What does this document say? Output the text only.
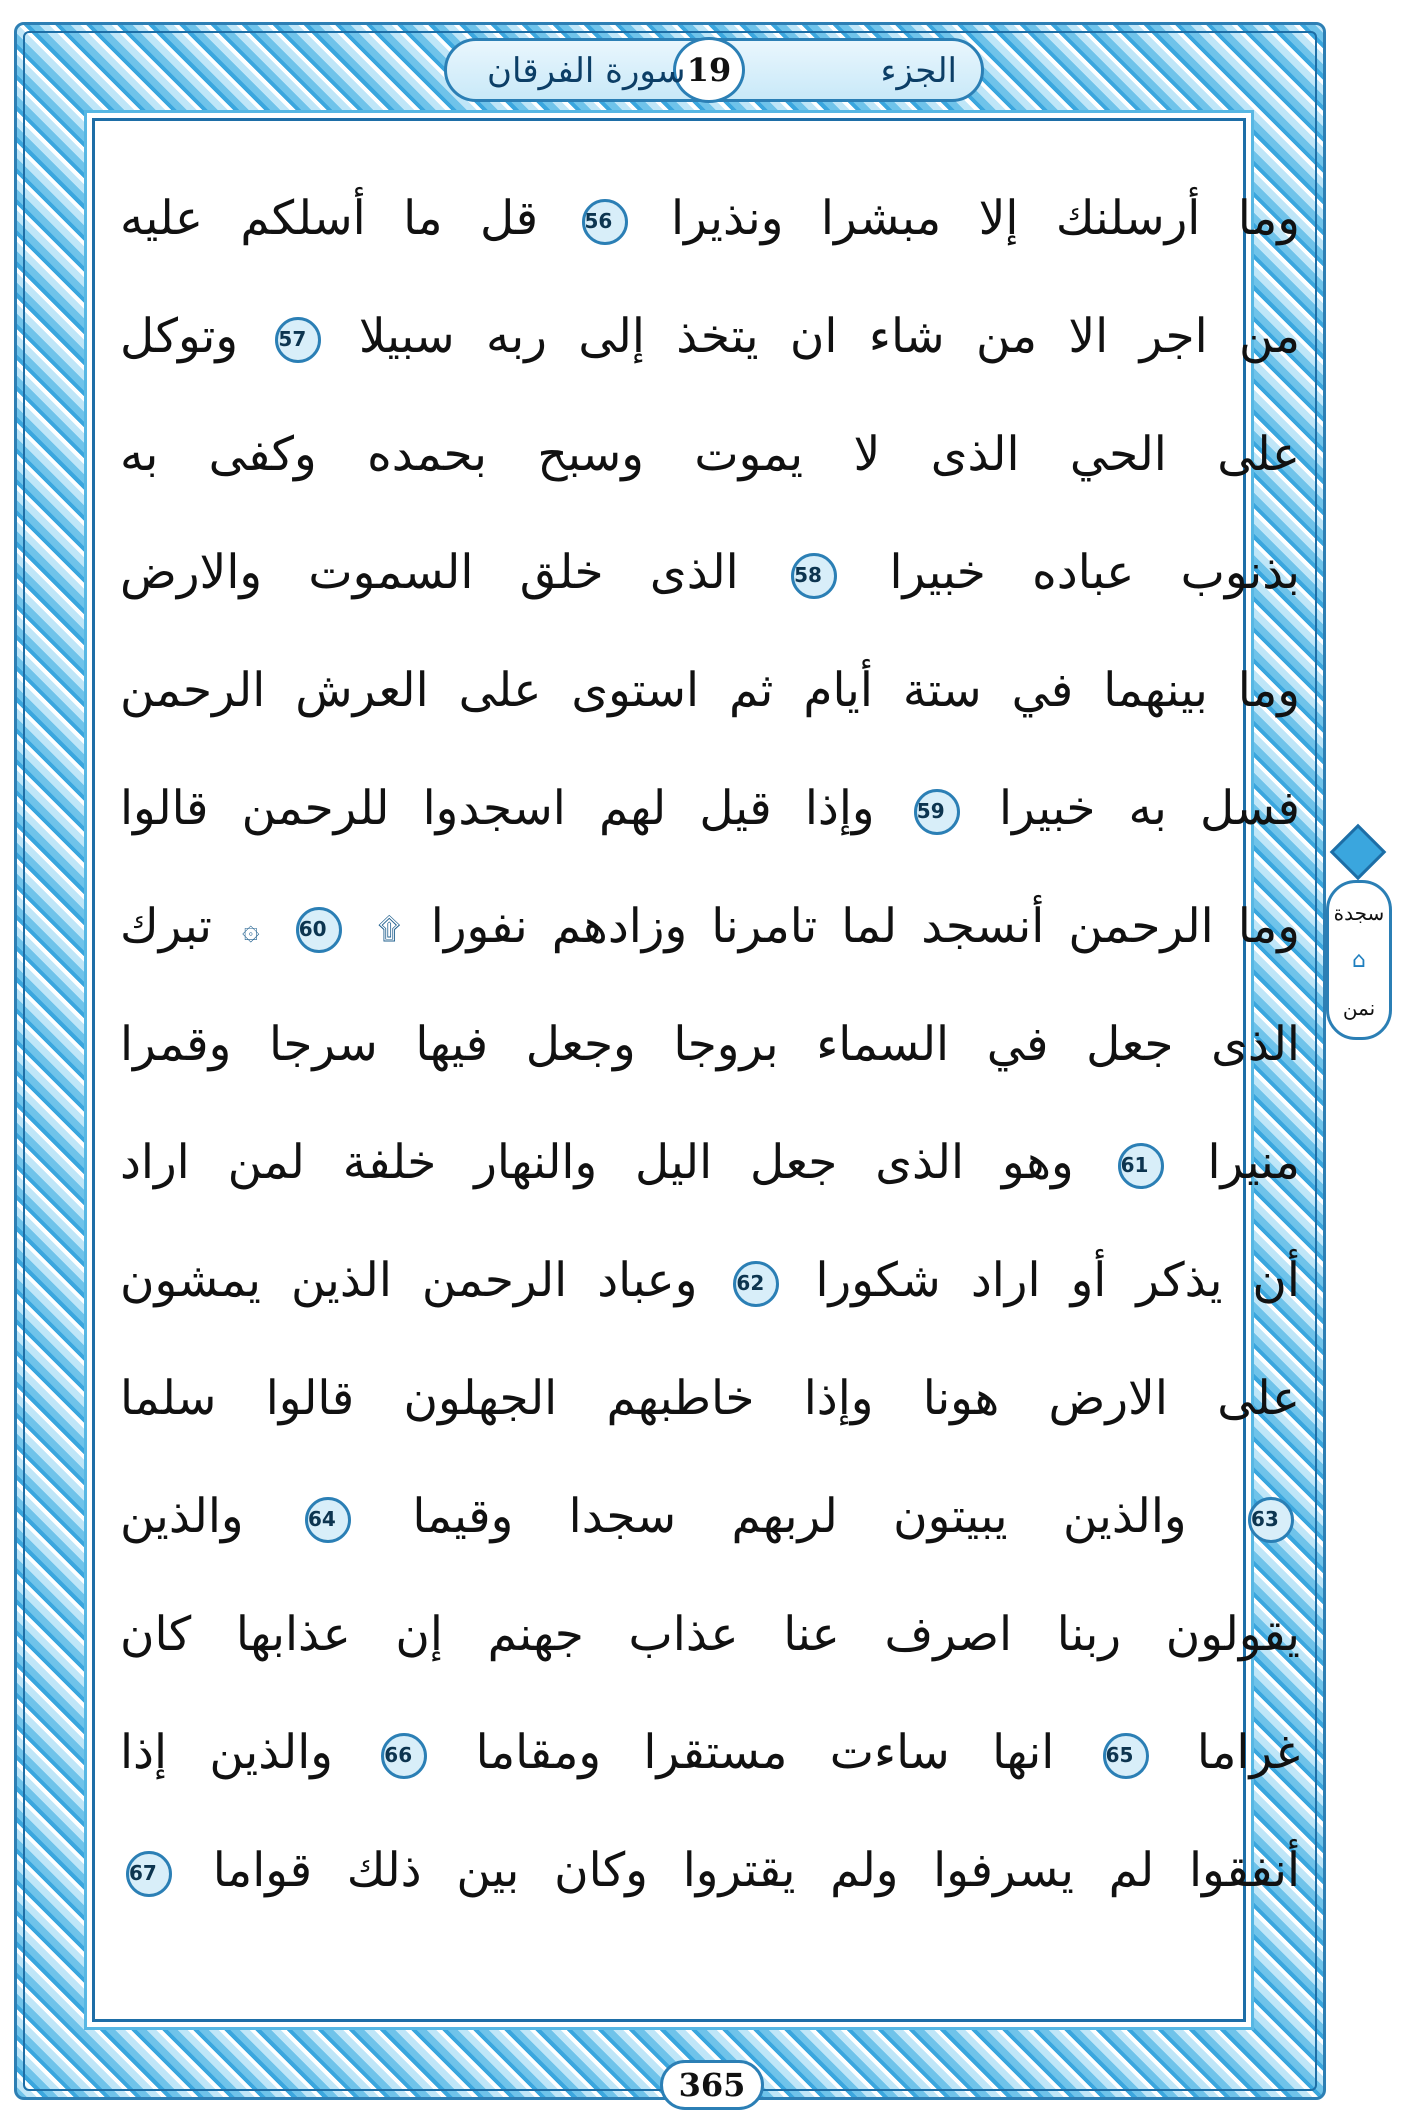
الجزء
19
سورة الفرقان
سجدة
⌂
نمن
وما أرسلنك إلا مبشرا ونذيرا 56 قل ما أسلكم عليه
من اجر الا من شاء ان يتخذ إلى ربه سبيلا 57 وتوكل
على الحي الذى لا يموت وسبح بحمده وكفى به
بذنوب عباده خبيرا 58 الذى خلق السموت والارض
وما بينهما في ستة أيام ثم استوى على العرش الرحمن
فسل به خبيرا 59 وإذا قيل لهم اسجدوا للرحمن قالوا
وما الرحمن أنسجد لما تامرنا وزادهم نفورا ۩ 60 ۞ تبرك
الذى جعل في السماء بروجا وجعل فيها سرجا وقمرا
منيرا 61 وهو الذى جعل اليل والنهار خلفة لمن اراد
أن يذكر أو اراد شكورا 62 وعباد الرحمن الذين يمشون
على الارض هونا وإذا خاطبهم الجهلون قالوا سلما
63 والذين يبيتون لربهم سجدا وقيما 64 والذين
يقولون ربنا اصرف عنا عذاب جهنم إن عذابها كان
غراما 65 انها ساءت مستقرا ومقاما 66 والذين إذا
أنفقوا لم يسرفوا ولم يقتروا وكان بين ذلك قواما 67
365
